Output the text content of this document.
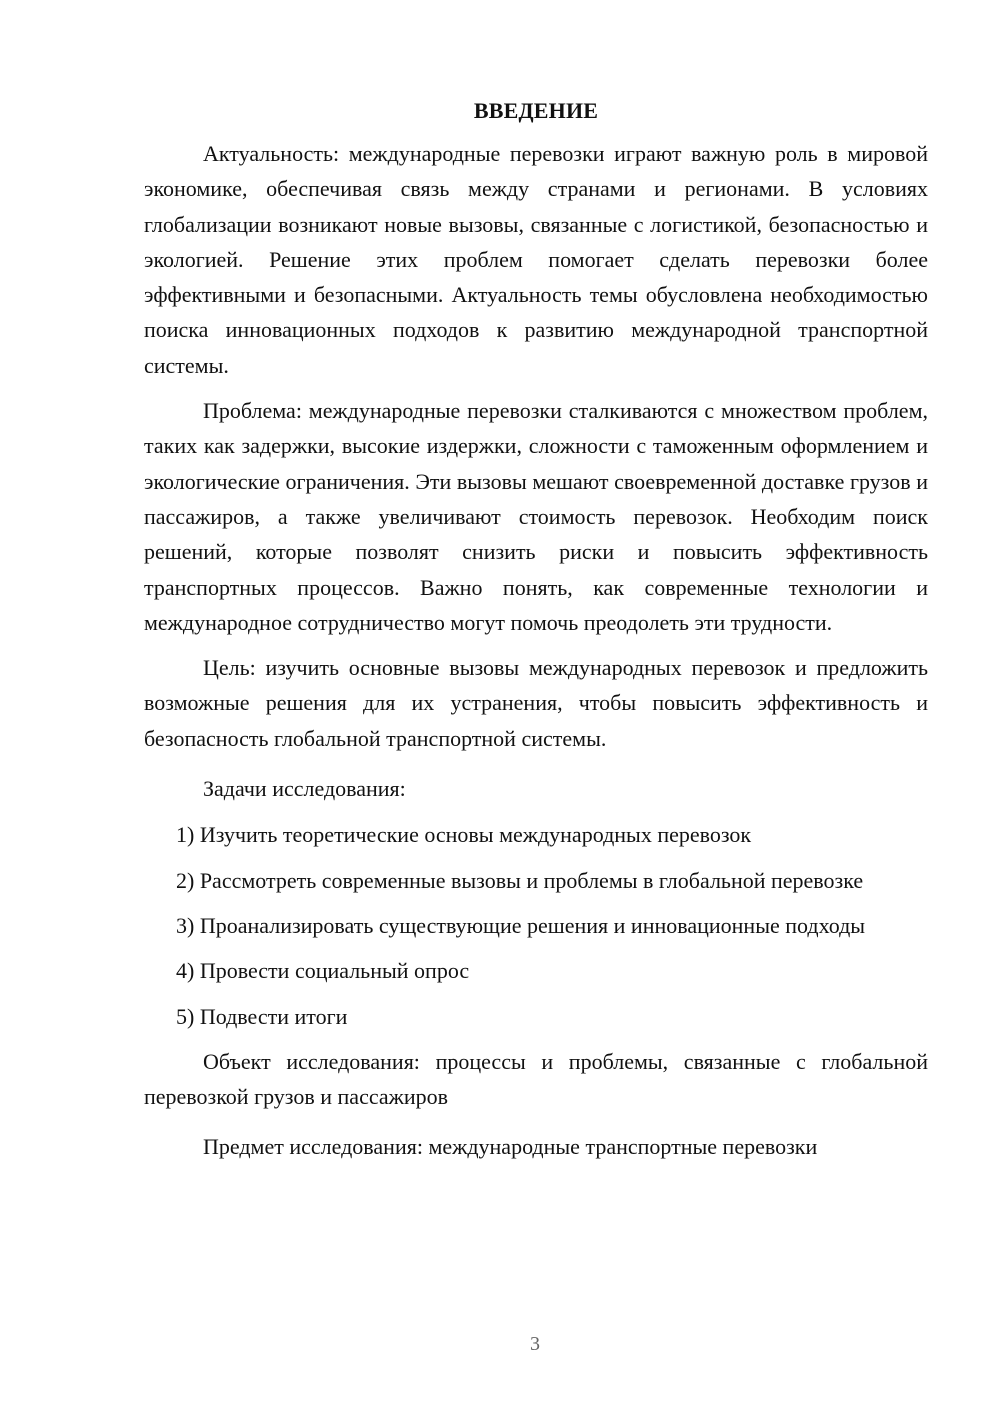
ВВЕДЕНИЕ

Актуальность: международные перевозки играют важную роль в мировой экономике, обеспечивая связь между странами и регионами. В условиях глобализации возникают новые вызовы, связанные с логистикой, безопасностью и экологией. Решение этих проблем помогает сделать перевозки более эффективными и безопасными. Актуальность темы обусловлена необходимостью поиска инновационных подходов к развитию международной транспортной системы.

Проблема: международные перевозки сталкиваются с множеством проблем, таких как задержки, высокие издержки, сложности с таможенным оформлением и экологические ограничения. Эти вызовы мешают своевременной доставке грузов и пассажиров, а также увеличивают стоимость перевозок. Необходим поиск решений, которые позволят снизить риски и повысить эффективность транспортных процессов. Важно понять, как современные технологии и международное сотрудничество могут помочь преодолеть эти трудности.

Цель: изучить основные вызовы международных перевозок и предложить возможные решения для их устранения, чтобы повысить эффективность и безопасность глобальной транспортной системы.

Задачи исследования:

1) Изучить теоретические основы международных перевозок

2) Рассмотреть современные вызовы и проблемы в глобальной перевозке

3) Проанализировать существующие решения и инновационные подходы

4) Провести социальный опрос

5) Подвести итоги

Объект исследования: процессы и проблемы, связанные с глобальной перевозкой грузов и пассажиров

Предмет исследования: международные транспортные перевозки

3
